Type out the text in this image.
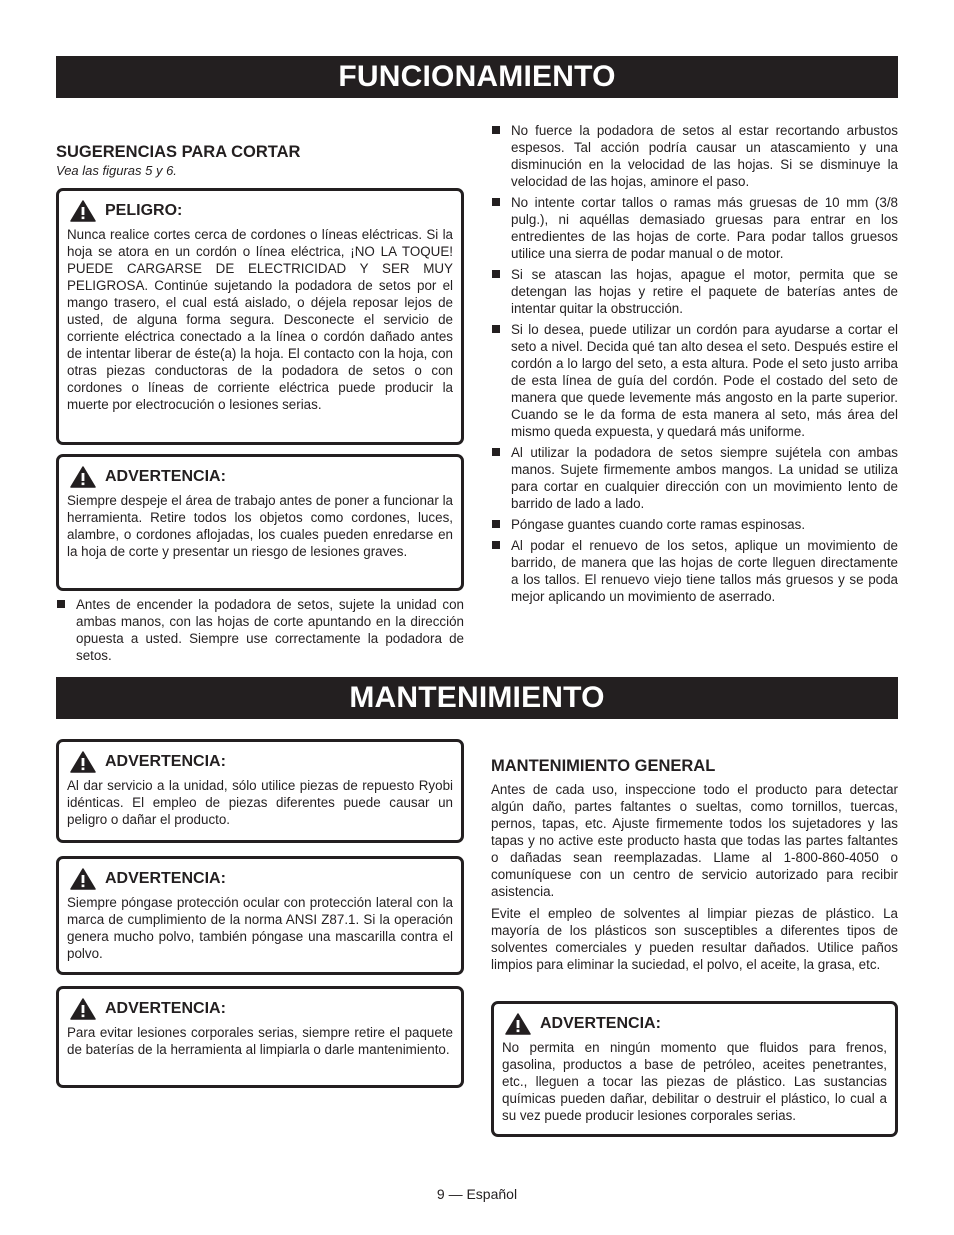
FUNCIONAMIENTO
SUGERENCIAS PARA CORTAR
Vea las figuras 5 y 6.
PELIGRO:
Nunca realice cortes cerca de cordones o líneas eléctricas. Si la hoja se atora en un cordón o línea eléctrica, ¡NO LA TOQUE! PUEDE CARGARSE DE ELECTRICIDAD Y SER MUY PELIGROSA. Continúe sujetando la podadora de setos por el mango trasero, el cual está aislado, o déjela reposar lejos de usted, de alguna forma segura. Desconecte el servicio de corriente eléctrica conectado a la línea o cordón dañado antes de intentar liberar de éste(a) la hoja. El contacto con la hoja, con otras piezas conductoras de la podadora de setos o con cordones o líneas de corriente eléctrica puede producir la muerte por electrocución o lesiones serias.
ADVERTENCIA:
Siempre despeje el área de trabajo antes de poner a funcionar la herramienta. Retire todos los objetos como cordones, luces, alambre, o cordones aflojadas, los cuales pueden enredarse en la hoja de corte y presentar un riesgo de lesiones graves.
Antes de encender la podadora de setos, sujete la unidad con ambas manos, con las hojas de corte apuntando en la dirección opuesta a usted. Siempre use correctamente la podadora de setos.
No fuerce la podadora de setos al estar recortando arbustos espesos. Tal acción podría causar un atascamiento y una disminución en la velocidad de las hojas. Si se disminuye la velocidad de las hojas, aminore el paso.
No intente cortar tallos o ramas más gruesas de 10 mm (3/8 pulg.), ni aquéllas demasiado gruesas para entrar en los entredientes de las hojas de corte. Para podar tallos gruesos utilice una sierra de podar manual o de motor.
Si se atascan las hojas, apague el motor, permita que se detengan las hojas y retire el paquete de baterías antes de intentar quitar la obstrucción.
Si lo desea, puede utilizar un cordón para ayudarse a cortar el seto a nivel. Decida qué tan alto desea el seto. Después estire el cordón a lo largo del seto, a esta altura. Pode el seto justo arriba de esta línea de guía del cordón. Pode el costado del seto de manera que quede levemente más angosto en la parte superior. Cuando se le da forma de esta manera al seto, más área del mismo queda expuesta, y quedará más uniforme.
Al utilizar la podadora de setos siempre sujétela con ambas manos. Sujete firmemente ambos mangos. La unidad se utiliza para cortar en cualquier dirección con un movimiento lento de barrido de lado a lado.
Póngase guantes cuando corte ramas espinosas.
Al podar el renuevo de los setos, aplique un movimiento de barrido, de manera que las hojas de corte lleguen directamente a los tallos. El renuevo viejo tiene tallos más gruesos y se poda mejor aplicando un movimiento de aserrado.
MANTENIMIENTO
ADVERTENCIA:
Al dar servicio a la unidad, sólo utilice piezas de repuesto Ryobi idénticas. El empleo de piezas diferentes puede causar un peligro o dañar el producto.
ADVERTENCIA:
Siempre póngase protección ocular con protección lateral con la marca de cumplimiento de la norma ANSI Z87.1. Si la operación genera mucho polvo, también póngase una mascarilla contra el polvo.
ADVERTENCIA:
Para evitar lesiones corporales serias, siempre retire el paquete de baterías de la herramienta al limpiarla o darle mantenimiento.
MANTENIMIENTO GENERAL

Antes de cada uso, inspeccione todo el producto para detectar algún daño, partes faltantes o sueltas, como tornillos, tuercas, pernos, tapas, etc. Ajuste firmemente todos los sujetadores y las tapas y no active este producto hasta que todas las partes faltantes o dañadas sean reemplazadas. Llame al 1-800-860-4050 o comuníquese con un centro de servicio autorizado para recibir asistencia.

Evite el empleo de solventes al limpiar piezas de plástico. La mayoría de los plásticos son susceptibles a diferentes tipos de solventes comerciales y pueden resultar dañados. Utilice paños limpios para eliminar la suciedad, el polvo, el aceite, la grasa, etc.

ADVERTENCIA:
No permita en ningún momento que fluidos para frenos, gasolina, productos a base de petróleo, aceites penetrantes, etc., lleguen a tocar las piezas de plástico. Las sustancias químicas pueden dañar, debilitar o destruir el plástico, lo cual a su vez puede producir lesiones corporales serias.
9 — Español
